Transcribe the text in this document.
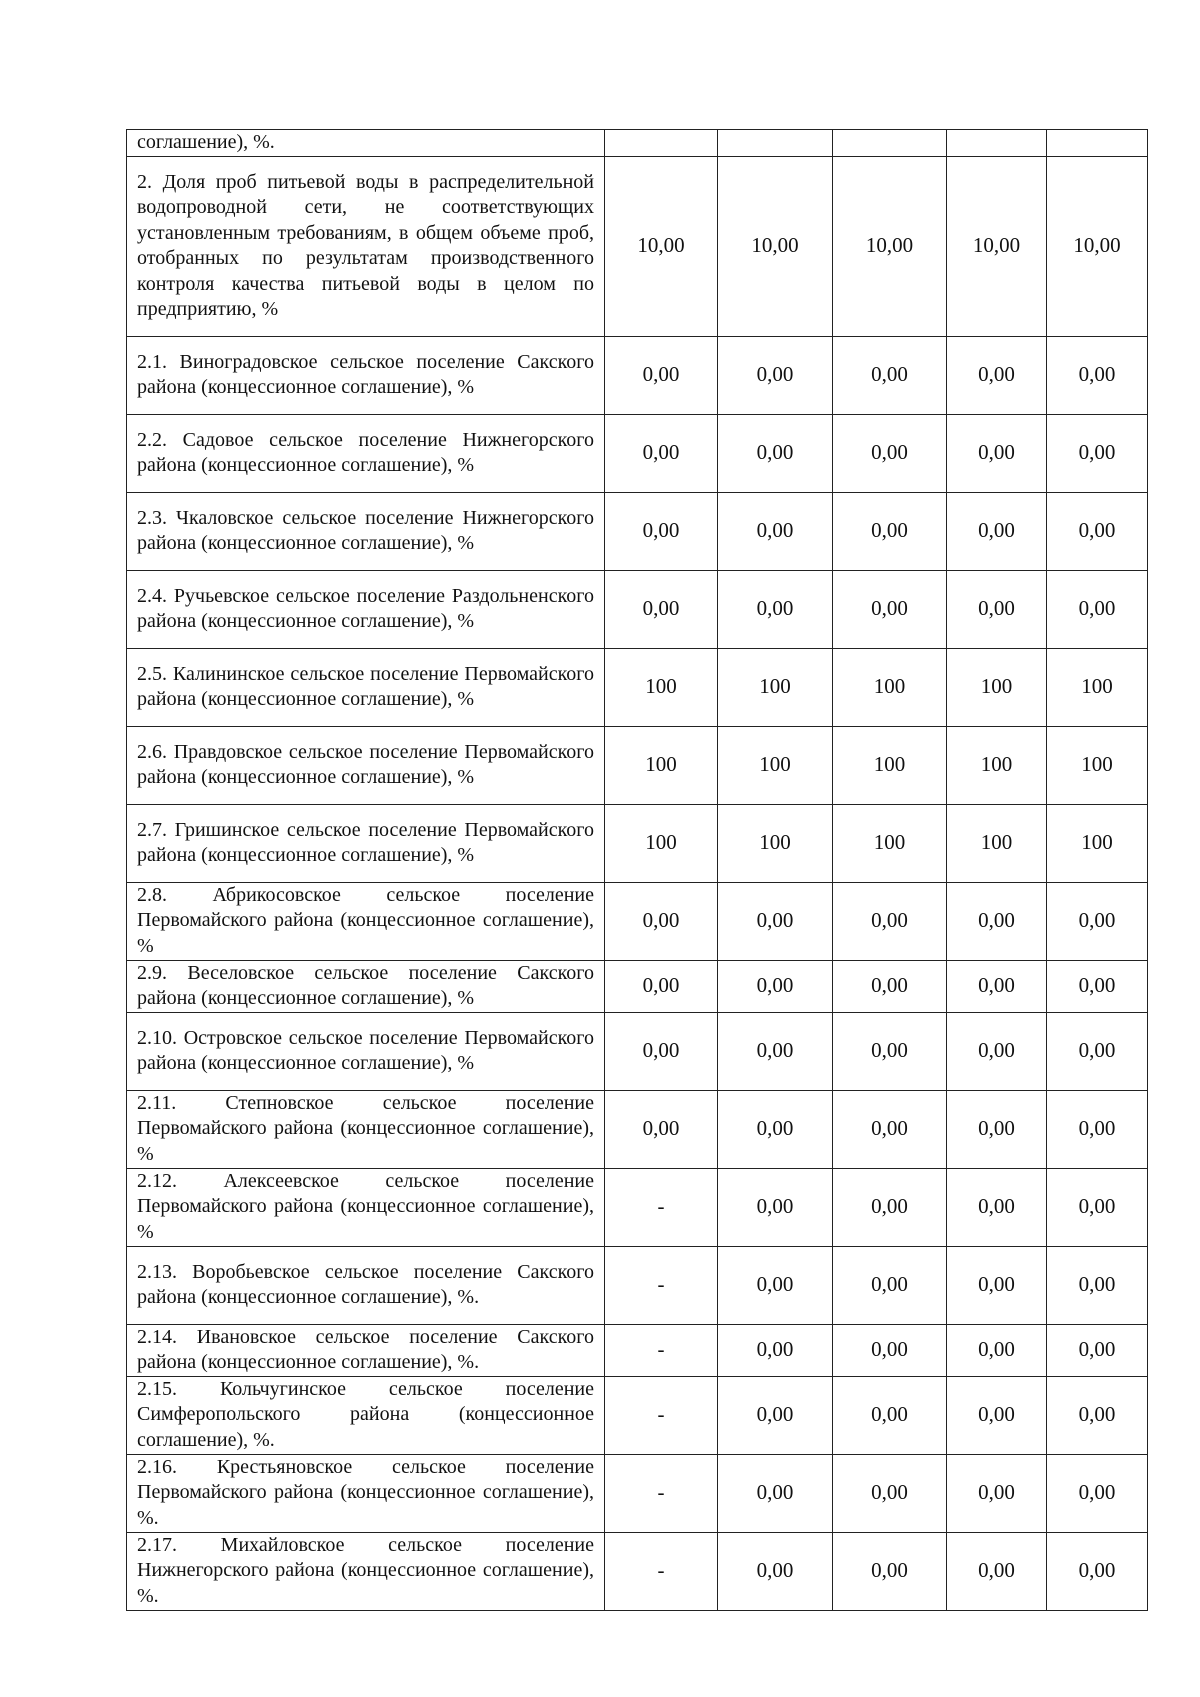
соглашение), %.					
2. Доля проб питьевой воды в распределительной водопроводной сети, не соответствующих установленным требованиям, в общем объеме проб, отобранных по результатам производственного контроля качества питьевой воды в целом по предприятию, %	10,00	10,00	10,00	10,00	10,00
2.1. Виноградовское сельское поселение Сакского района (концессионное соглашение), %	0,00	0,00	0,00	0,00	0,00
2.2. Садовое сельское поселение Нижнегорского района (концессионное соглашение), %	0,00	0,00	0,00	0,00	0,00
2.3. Чкаловское сельское поселение Нижнегорского района (концессионное соглашение), %	0,00	0,00	0,00	0,00	0,00
2.4. Ручьевское сельское поселение Раздольненского района (концессионное соглашение), %	0,00	0,00	0,00	0,00	0,00
2.5. Калининское сельское поселение Первомайского района (концессионное соглашение), %	100	100	100	100	100
2.6. Правдовское сельское поселение Первомайского района (концессионное соглашение), %	100	100	100	100	100
2.7. Гришинское сельское поселение Первомайского района (концессионное соглашение), %	100	100	100	100	100
2.8. Абрикосовское сельское поселение Первомайского района (концессионное соглашение), %	0,00	0,00	0,00	0,00	0,00
2.9. Веселовское сельское поселение Сакского района (концессионное соглашение), %	0,00	0,00	0,00	0,00	0,00
2.10. Островское сельское поселение Первомайского района (концессионное соглашение), %	0,00	0,00	0,00	0,00	0,00
2.11. Степновское сельское поселение Первомайского района (концессионное соглашение), %	0,00	0,00	0,00	0,00	0,00
2.12. Алексеевское сельское поселение Первомайского района (концессионное соглашение), %	-	0,00	0,00	0,00	0,00
2.13. Воробьевское сельское поселение Сакского района (концессионное соглашение), %.	-	0,00	0,00	0,00	0,00
2.14. Ивановское сельское поселение Сакского района (концессионное соглашение), %.	-	0,00	0,00	0,00	0,00
2.15. Кольчугинское сельское поселение Симферопольского района (концессионное соглашение), %.	-	0,00	0,00	0,00	0,00
2.16. Крестьяновское сельское поселение Первомайского района (концессионное соглашение), %.	-	0,00	0,00	0,00	0,00
2.17. Михайловское сельское поселение Нижнегорского района (концессионное соглашение), %.	-	0,00	0,00	0,00	0,00
